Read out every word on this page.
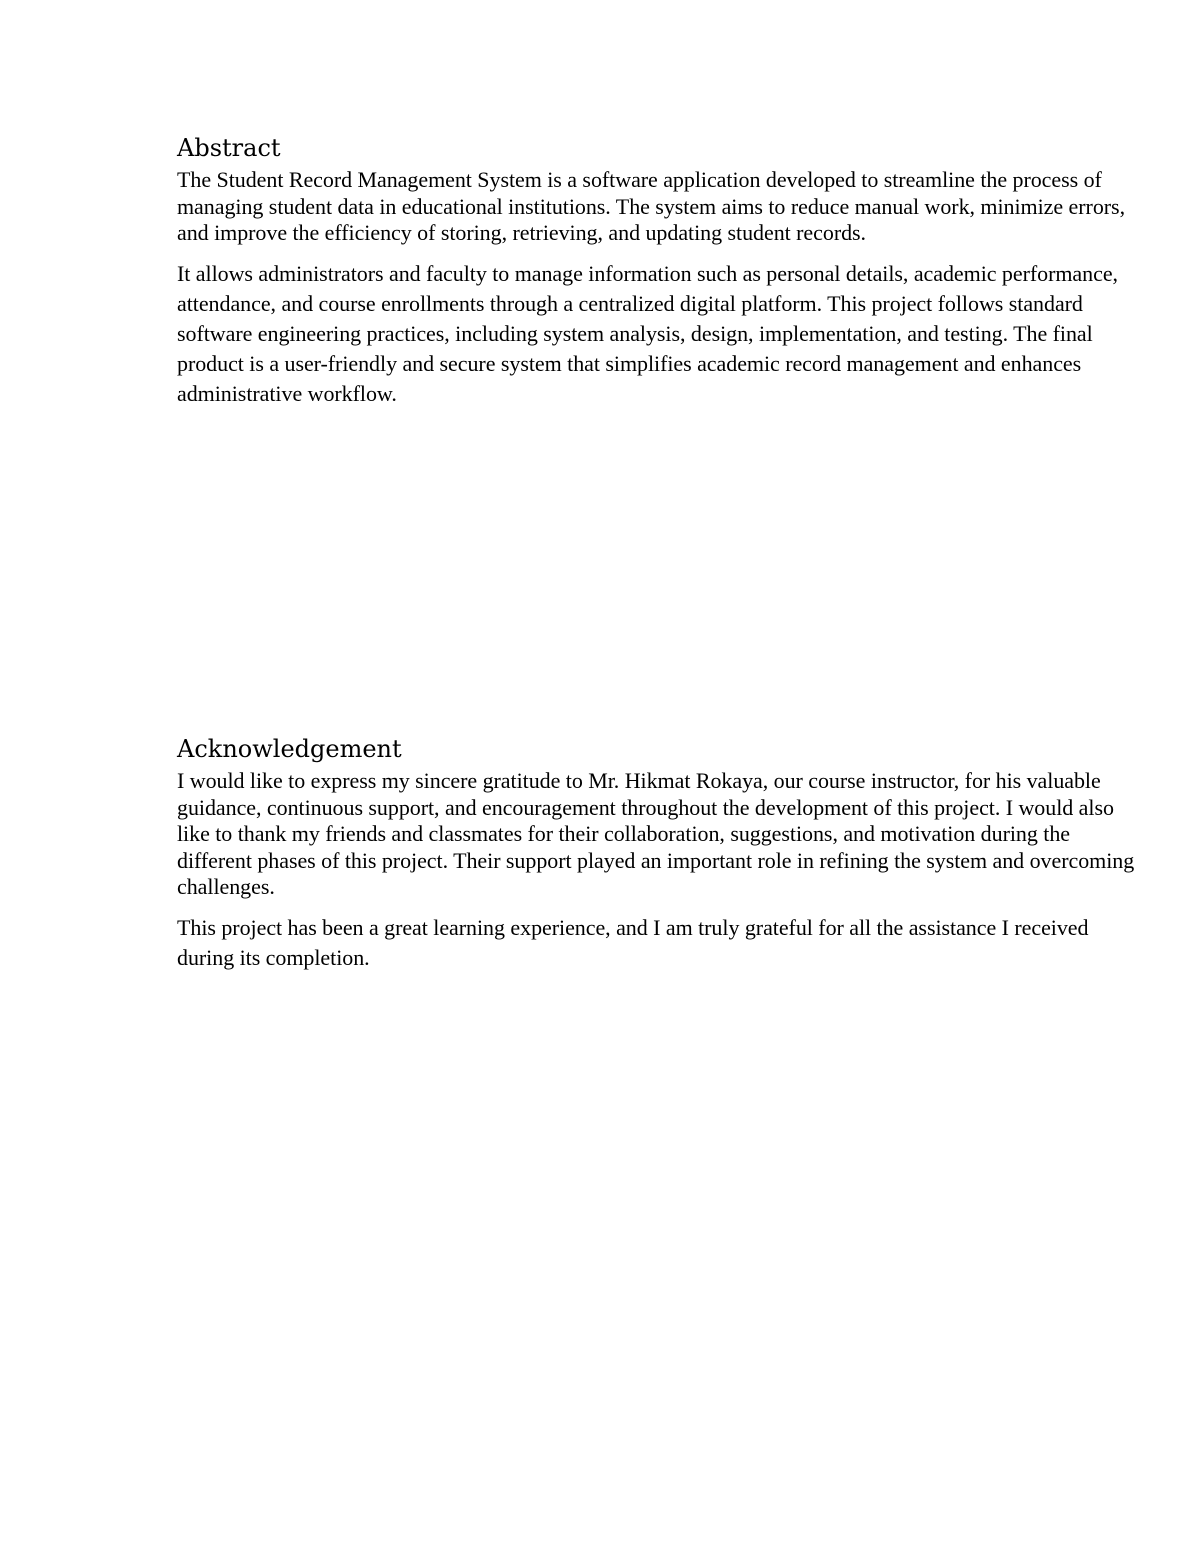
Abstract

The Student Record Management System is a software application developed to streamline the process of managing student data in educational institutions. The system aims to reduce manual work, minimize errors, and improve the efficiency of storing, retrieving, and updating student records.

It allows administrators and faculty to manage information such as personal details, academic performance, attendance, and course enrollments through a centralized digital platform. This project follows standard software engineering practices, including system analysis, design, implementation, and testing. The final product is a user-friendly and secure system that simplifies academic record management and enhances administrative workflow.

Acknowledgement

I would like to express my sincere gratitude to Mr. Hikmat Rokaya, our course instructor, for his valuable guidance, continuous support, and encouragement throughout the development of this project. I would also like to thank my friends and classmates for their collaboration, suggestions, and motivation during the different phases of this project. Their support played an important role in refining the system and overcoming challenges.

This project has been a great learning experience, and I am truly grateful for all the assistance I received during its completion.
